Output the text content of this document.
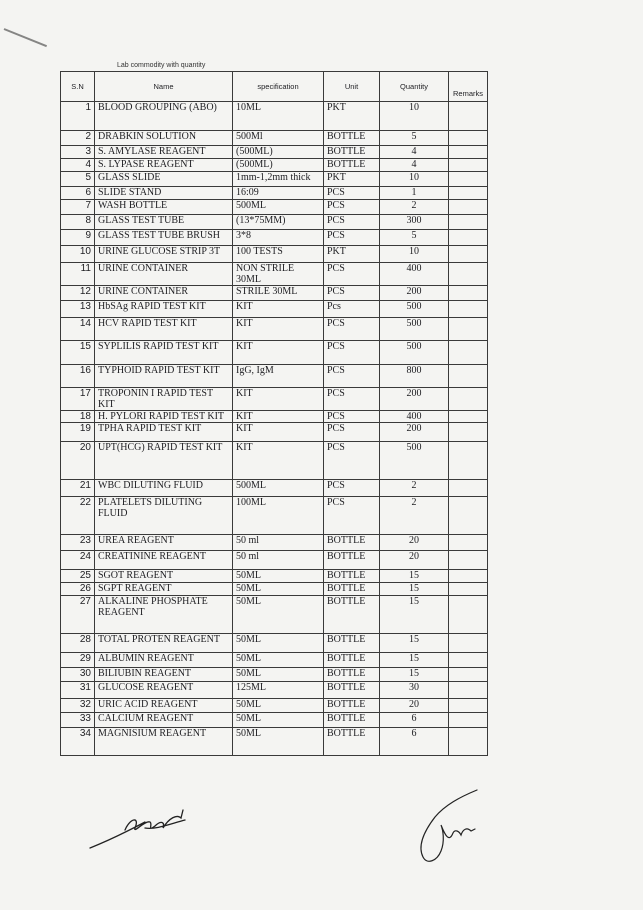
Lab commodity with quantity
S.N	Name	specification	Unit	Quantity	Remarks
1	BLOOD GROUPING (ABO)	10ML	PKT	10	
2	DRABKIN SOLUTION	500Ml	BOTTLE	5	
3	S. AMYLASE REAGENT	(500ML)	BOTTLE	4	
4	S. LYPASE REAGENT	(500ML)	BOTTLE	4	
5	GLASS SLIDE	1mm-1,2mm thick	PKT	10	
6	SLIDE STAND	16:09	PCS	1	
7	WASH BOTTLE	500ML	PCS	2	
8	GLASS TEST TUBE	(13*75MM)	PCS	300	
9	GLASS TEST TUBE BRUSH	3*8	PCS	5	
10	URINE GLUCOSE STRIP 3T	100 TESTS	PKT	10	
11	URINE CONTAINER	NON STRILE 30ML	PCS	400	
12	URINE CONTAINER	STRILE 30ML	PCS	200	
13	HbSAg RAPID TEST KIT	KIT	Pcs	500	
14	HCV RAPID TEST KIT	KIT	PCS	500	
15	SYPLILIS RAPID TEST KIT	KIT	PCS	500	
16	TYPHOID RAPID TEST KIT	IgG, IgM	PCS	800	
17	TROPONIN I RAPID TEST KIT	KIT	PCS	200	
18	H. PYLORI RAPID TEST KIT	KIT	PCS	400	
19	TPHA RAPID TEST KIT	KIT	PCS	200	
20	UPT(HCG) RAPID TEST KIT	KIT	PCS	500	
21	WBC DILUTING FLUID	500ML	PCS	2	
22	PLATELETS DILUTING FLUID	100ML	PCS	2	
23	UREA REAGENT	50 ml	BOTTLE	20	
24	CREATININE REAGENT	50 ml	BOTTLE	20	
25	SGOT REAGENT	50ML	BOTTLE	15	
26	SGPT REAGENT	50ML	BOTTLE	15	
27	ALKALINE PHOSPHATE REAGENT	50ML	BOTTLE	15	
28	TOTAL PROTEN REAGENT	50ML	BOTTLE	15	
29	ALBUMIN REAGENT	50ML	BOTTLE	15	
30	BILIUBIN REAGENT	50ML	BOTTLE	15	
31	GLUCOSE REAGENT	125ML	BOTTLE	30	
32	URIC ACID REAGENT	50ML	BOTTLE	20	
33	CALCIUM REAGENT	50ML	BOTTLE	6	
34	MAGNISIUM REAGENT	50ML	BOTTLE	6	
